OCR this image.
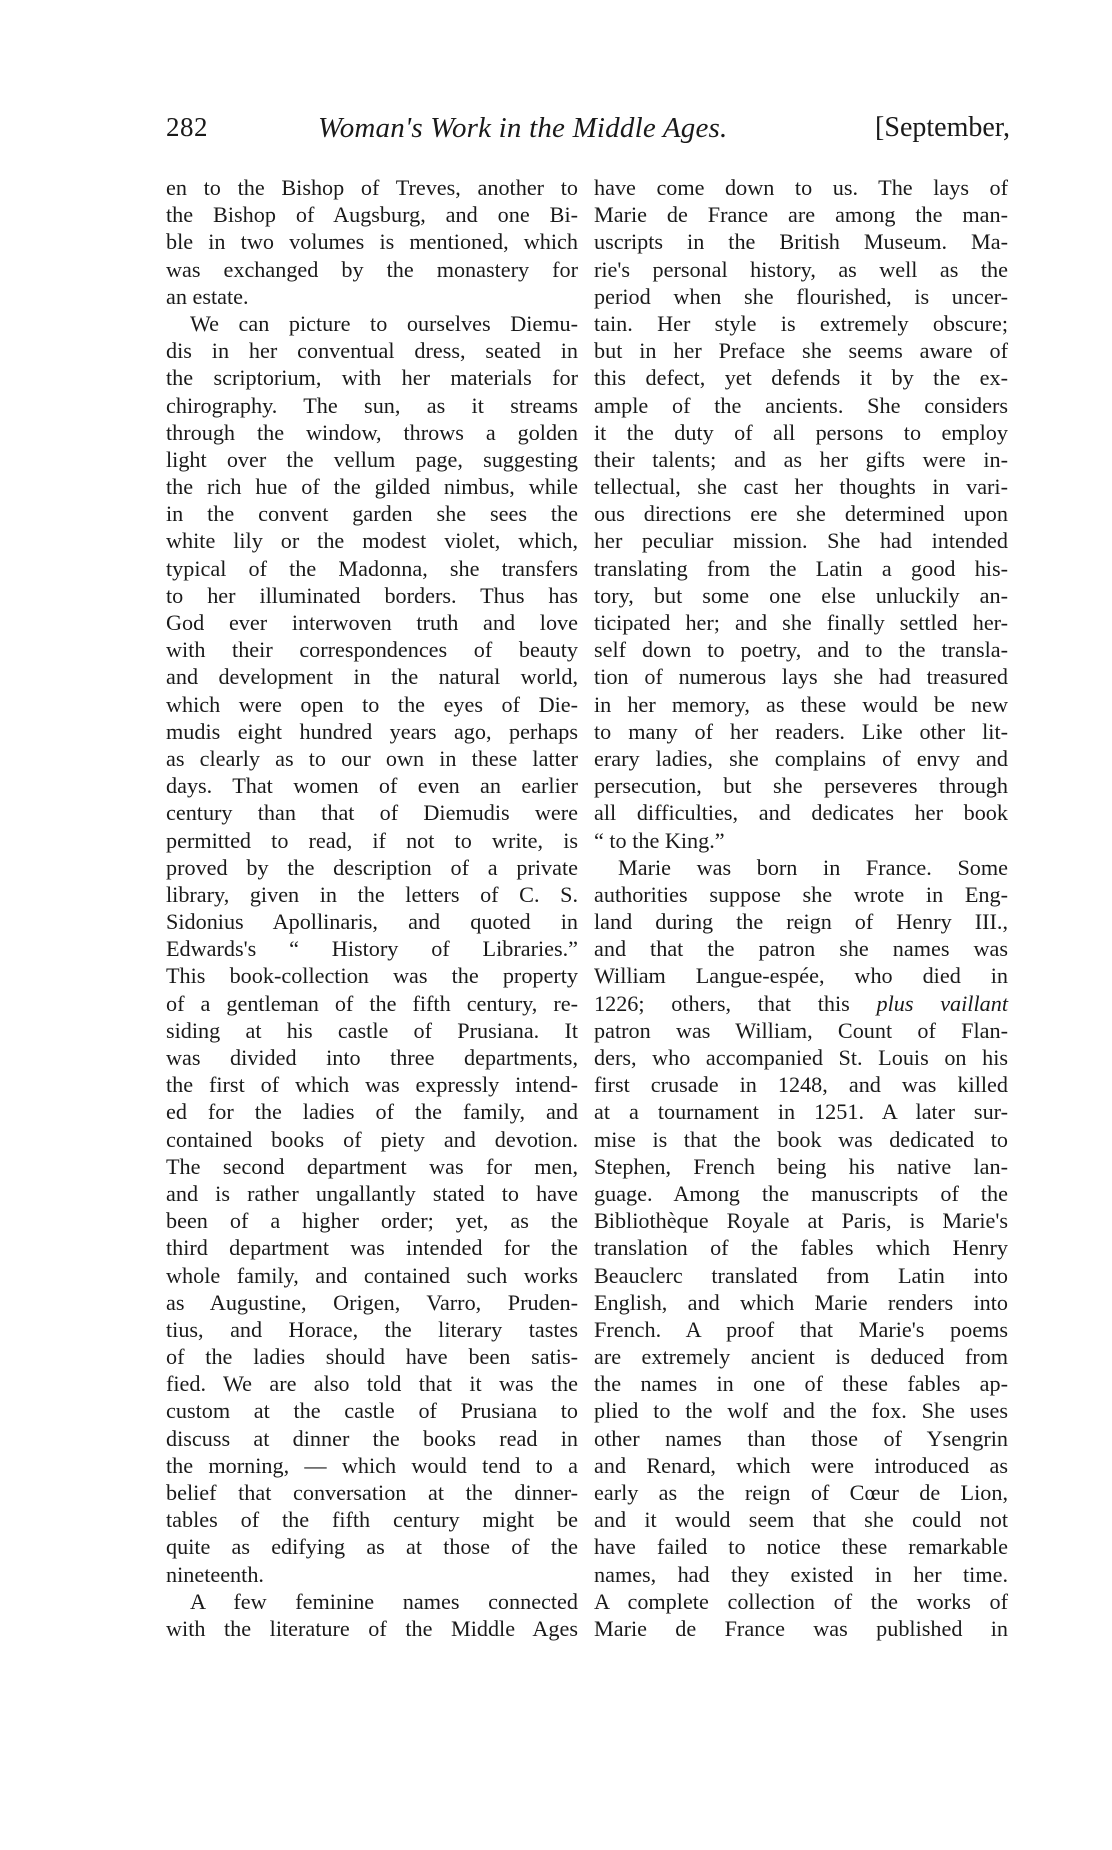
282	Woman's Work in the Middle Ages.	[September,
en to the Bishop of Treves, another to
the Bishop of Augsburg, and one Bi-
ble in two volumes is mentioned, which
was exchanged by the monastery for
an estate.
We can picture to ourselves Diemu-
dis in her conventual dress, seated in
the scriptorium, with her materials for
chirography. The sun, as it streams
through the window, throws a golden
light over the vellum page, suggesting
the rich hue of the gilded nimbus, while
in the convent garden she sees the
white lily or the modest violet, which,
typical of the Madonna, she transfers
to her illuminated borders. Thus has
God ever interwoven truth and love
with their correspondences of beauty
and development in the natural world,
which were open to the eyes of Die-
mudis eight hundred years ago, perhaps
as clearly as to our own in these latter
days. That women of even an earlier
century than that of Diemudis were
permitted to read, if not to write, is
proved by the description of a private
library, given in the letters of C. S.
Sidonius Apollinaris, and quoted in
Edwards's “ History of Libraries.”
This book-collection was the property
of a gentleman of the fifth century, re-
siding at his castle of Prusiana. It
was divided into three departments,
the first of which was expressly intend-
ed for the ladies of the family, and
contained books of piety and devotion.
The second department was for men,
and is rather ungallantly stated to have
been of a higher order; yet, as the
third department was intended for the
whole family, and contained such works
as Augustine, Origen, Varro, Pruden-
tius, and Horace, the literary tastes
of the ladies should have been satis-
fied. We are also told that it was the
custom at the castle of Prusiana to
discuss at dinner the books read in
the morning, — which would tend to a
belief that conversation at the dinner-
tables of the fifth century might be
quite as edifying as at those of the
nineteenth.
A few feminine names connected
with the literature of the Middle Ages
have come down to us. The lays of
Marie de France are among the man-
uscripts in the British Museum. Ma-
rie's personal history, as well as the
period when she flourished, is uncer-
tain. Her style is extremely obscure;
but in her Preface she seems aware of
this defect, yet defends it by the ex-
ample of the ancients. She considers
it the duty of all persons to employ
their talents; and as her gifts were in-
tellectual, she cast her thoughts in vari-
ous directions ere she determined upon
her peculiar mission. She had intended
translating from the Latin a good his-
tory, but some one else unluckily an-
ticipated her; and she finally settled her-
self down to poetry, and to the transla-
tion of numerous lays she had treasured
in her memory, as these would be new
to many of her readers. Like other lit-
erary ladies, she complains of envy and
persecution, but she perseveres through
all difficulties, and dedicates her book
“ to the King.”
Marie was born in France. Some
authorities suppose she wrote in Eng-
land during the reign of Henry III.,
and that the patron she names was
William Langue-espée, who died in
1226; others, that this plus vaillant
patron was William, Count of Flan-
ders, who accompanied St. Louis on his
first crusade in 1248, and was killed
at a tournament in 1251. A later sur-
mise is that the book was dedicated to
Stephen, French being his native lan-
guage. Among the manuscripts of the
Bibliothèque Royale at Paris, is Marie's
translation of the fables which Henry
Beauclerc translated from Latin into
English, and which Marie renders into
French. A proof that Marie's poems
are extremely ancient is deduced from
the names in one of these fables ap-
plied to the wolf and the fox. She uses
other names than those of Ysengrin
and Renard, which were introduced as
early as the reign of Cœur de Lion,
and it would seem that she could not
have failed to notice these remarkable
names, had they existed in her time.
A complete collection of the works of
Marie de France was published in
